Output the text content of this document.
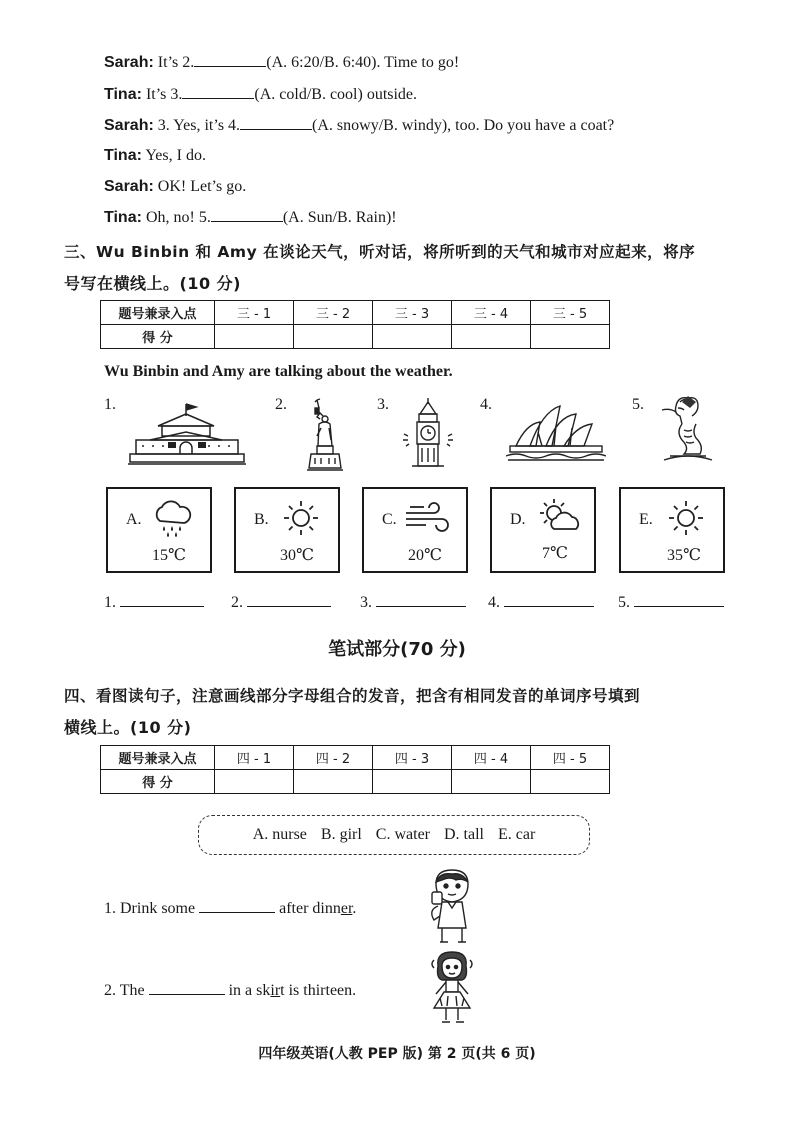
Sarah: It’s 2.	(A. 6:20/B. 6:40). Time to go!
Tina: It’s 3.	(A. cold/B. cool) outside.
Sarah: 3. Yes, it’s 4.	(A. snowy/B. windy), too. Do you have a coat?
Tina: Yes, I do.
Sarah: OK! Let’s go.
Tina: Oh, no! 5.	(A. Sun/B. Rain)!
三、Wu Binbin 和 Amy 在谈论天气，听对话，将所听到的天气和城市对应起来，将序
号写在横线上。(10 分)
题号兼录入点	三 - 1	三 - 2	三 - 3	三 - 4	三 - 5
得 分					
Wu Binbin and Amy are talking about the weather.
1.	2.	3.	4.	5.
A.
15℃
B.
30℃
C.
20℃
D.
7℃
E.
35℃
1.	2.	3.	4.	5.
笔试部分(70 分)
四、看图读句子，注意画线部分字母组合的发音，把含有相同发音的单词序号填到
横线上。(10 分)
题号兼录入点	四 - 1	四 - 2	四 - 3	四 - 4	四 - 5
得 分					
A. nurse B. girl C. water D. tall E. car
1. Drink some	after dinner.
2. The	in a skirt is thirteen.
四年级英语(人教 PEP 版) 第 2 页(共 6 页)
